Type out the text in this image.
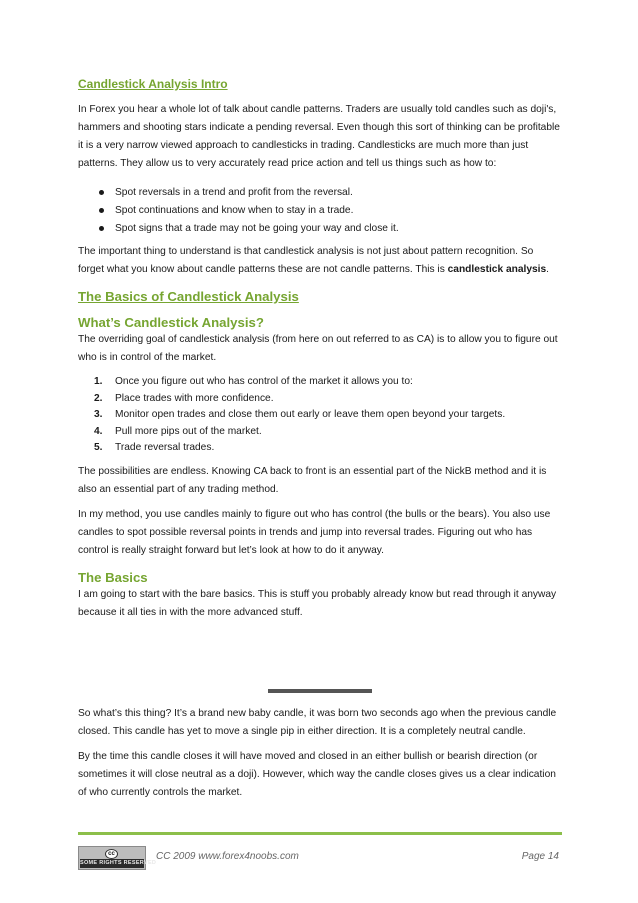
Candlestick Analysis Intro

In Forex you hear a whole lot of talk about candle patterns. Traders are usually told candles such as doji's, hammers and shooting stars indicate a pending reversal. Even though this sort of thinking can be profitable it is a very narrow viewed approach to candlesticks in trading. Candlesticks are much more than just patterns. They allow us to very accurately read price action and tell us things such as how to:

Spot reversals in a trend and profit from the reversal.
Spot continuations and know when to stay in a trade.
Spot signs that a trade may not be going your way and close it.

The important thing to understand is that candlestick analysis is not just about pattern recognition. So forget what you know about candle patterns these are not candle patterns. This is candlestick analysis.

The Basics of Candlestick Analysis
What’s Candlestick Analysis?

The overriding goal of candlestick analysis (from here on out referred to as CA) is to allow you to figure out who is in control of the market.

1. Once you figure out who has control of the market it allows you to:
2. Place trades with more confidence.
3. Monitor open trades and close them out early or leave them open beyond your targets.
4. Pull more pips out of the market.
5. Trade reversal trades.

The possibilities are endless. Knowing CA back to front is an essential part of the NickB method and it is also an essential part of any trading method.

In my method, you use candles mainly to figure out who has control (the bulls or the bears). You also use candles to spot possible reversal points in trends and jump into reversal trades. Figuring out who has control is really straight forward but let’s look at how to do it anyway.

The Basics

I am going to start with the bare basics. This is stuff you probably already know but read through it anyway because it all ties in with the more advanced stuff.

So what’s this thing? It’s a brand new baby candle, it was born two seconds ago when the previous candle closed. This candle has yet to move a single pip in either direction. It is a completely neutral candle.

By the time this candle closes it will have moved and closed in an either bullish or bearish direction (or sometimes it will close neutral as a doji). However, which way the candle closes gives us a clear indication of who currently controls the market.

cc
SOME RIGHTS RESERVED
CC 2009 www.forex4noobs.com	Page 14
